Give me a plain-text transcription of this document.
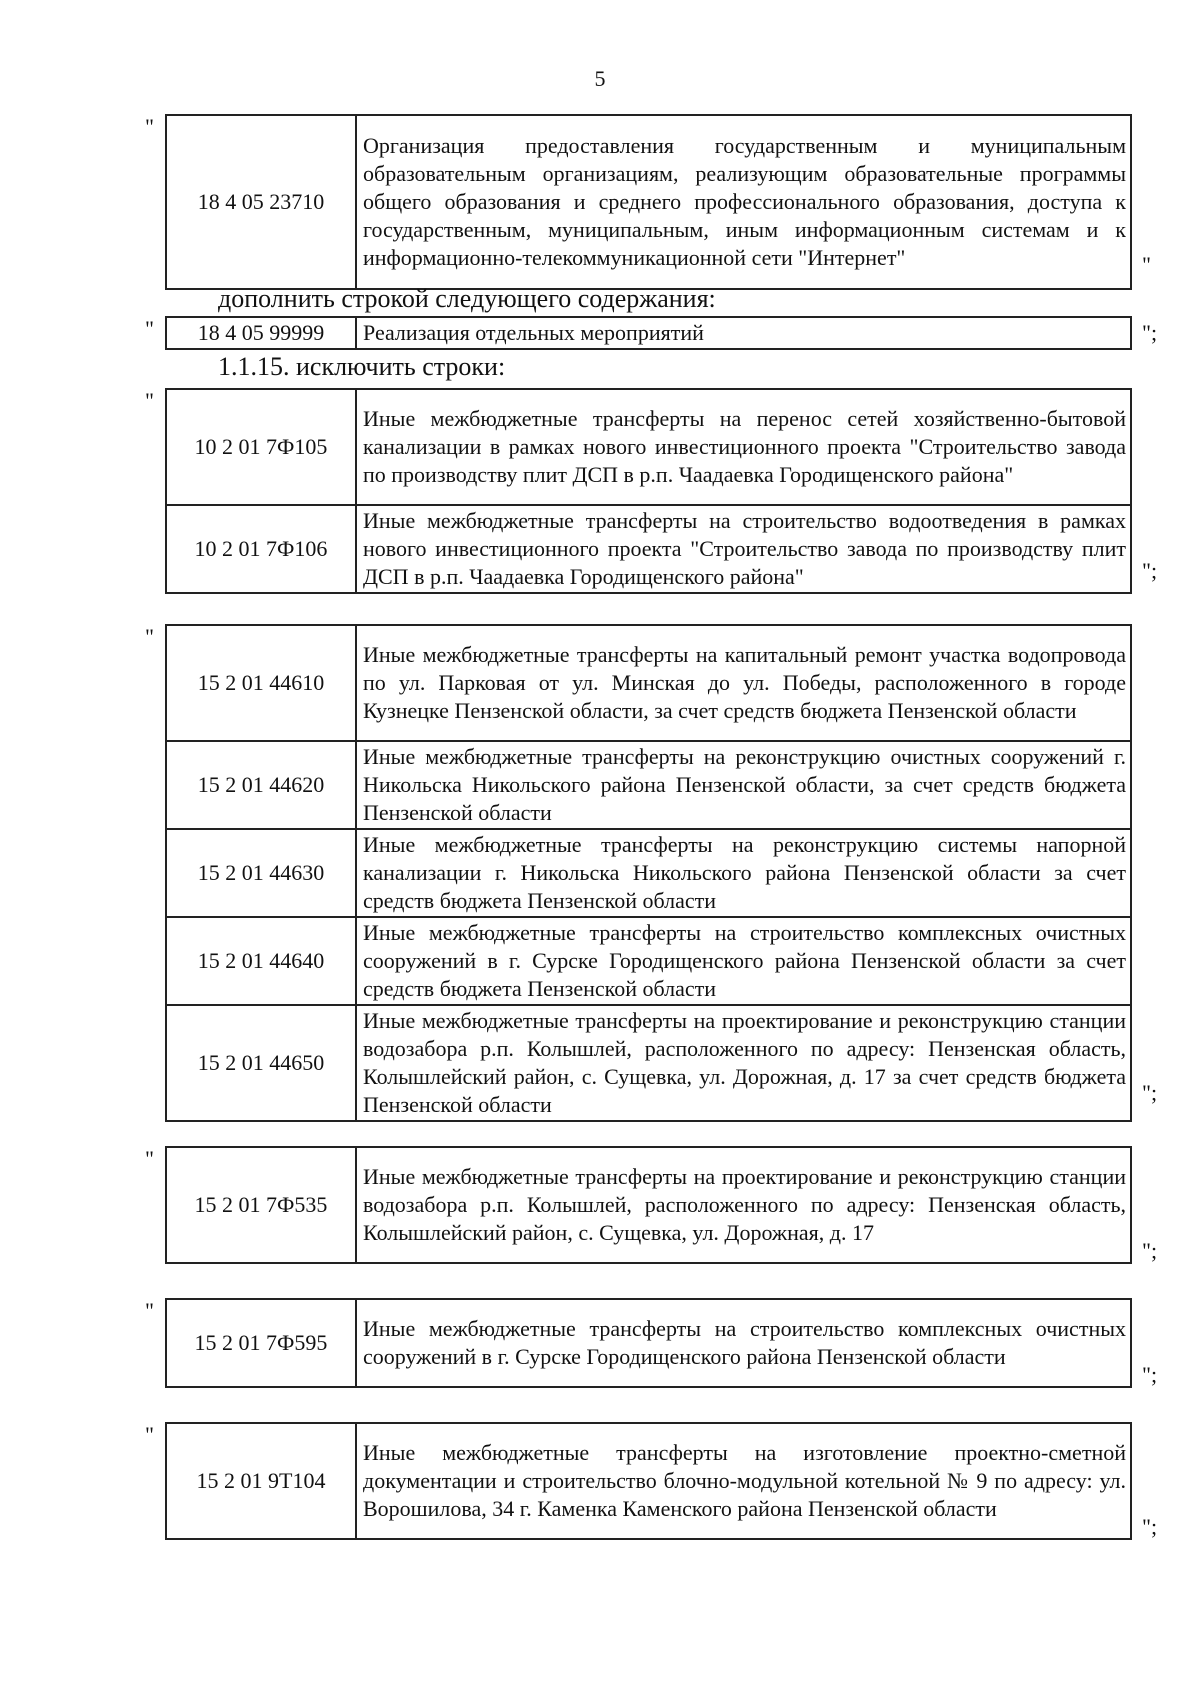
5
"
18 4 05 23710	Организация предоставления государственным и муниципальным образовательным организациям, реализующим образовательные программы общего образования и среднего профессионального образования, доступа к государственным, муниципальным, иным информационным системам и к информационно-телекоммуникационной сети "Интернет"	"
дополнить строкой следующего содержания:
" 18 4 05 99999	Реализация отдельных мероприятий	";
1.1.15. исключить строки:
"
10 2 01 7Ф105	Иные межбюджетные трансферты на перенос сетей хозяйственно-бытовой канализации в рамках нового инвестиционного проекта "Строительство завода по производству плит ДСП в р.п. Чаадаевка Городищенского района"
10 2 01 7Ф106	Иные межбюджетные трансферты на строительство водоотведения в рамках нового инвестиционного проекта "Строительство завода по производству плит ДСП в р.п. Чаадаевка Городищенского района"	";
"
15 2 01 44610	Иные межбюджетные трансферты на капитальный ремонт участка водопровода по ул. Парковая от ул. Минская до ул. Победы, расположенного в городе Кузнецке Пензенской области, за счет средств бюджета Пензенской области
15 2 01 44620	Иные межбюджетные трансферты на реконструкцию очистных сооружений г. Никольска Никольского района Пензенской области, за счет средств бюджета Пензенской области
15 2 01 44630	Иные межбюджетные трансферты на реконструкцию системы напорной канализации г. Никольска Никольского района Пензенской области за счет средств бюджета Пензенской области
15 2 01 44640	Иные межбюджетные трансферты на строительство комплексных очистных сооружений в г. Сурске Городищенского района Пензенской области за счет средств бюджета Пензенской области
15 2 01 44650	Иные межбюджетные трансферты на проектирование и реконструкцию станции водозабора р.п. Колышлей, расположенного по адресу: Пензенская область, Колышлейский район, с. Сущевка, ул. Дорожная, д. 17 за счет средств бюджета Пензенской области	";
"
15 2 01 7Ф535	Иные межбюджетные трансферты на проектирование и реконструкцию станции водозабора р.п. Колышлей, расположенного по адресу: Пензенская область, Колышлейский район, с. Сущевка, ул. Дорожная, д. 17
";
"
15 2 01 7Ф595	Иные межбюджетные трансферты на строительство комплексных очистных сооружений в г. Сурске Городищенского района Пензенской области
";
"
15 2 01 9Т104	Иные межбюджетные трансферты на изготовление проектно-сметной документации и строительство блочно-модульной котельной № 9 по адресу: ул. Ворошилова, 34 г. Каменка Каменского района Пензенской области
";
